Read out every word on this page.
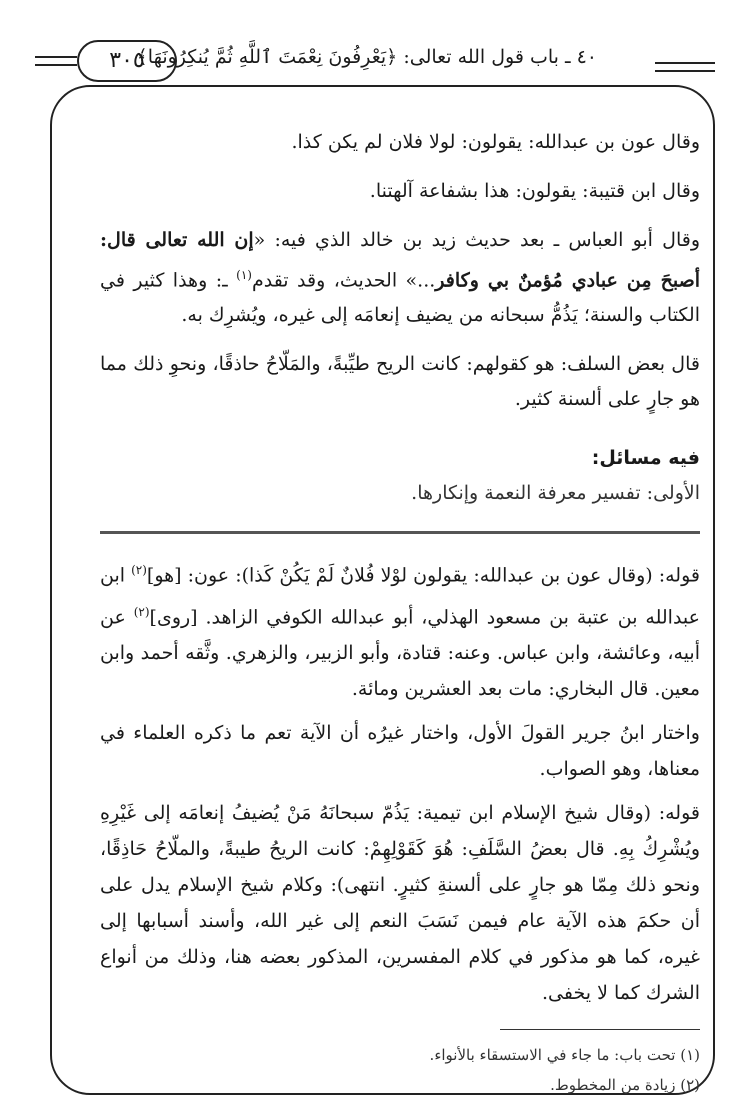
٣٠٥
٤٠ ـ باب قول الله تعالى: ﴿يَعْرِفُونَ نِعْمَتَ ٱللَّهِ ثُمَّ يُنكِرُونَهَا﴾

وقال عون بن عبدالله: يقولون: لولا فلان لم يكن كذا.

وقال ابن قتيبة: يقولون: هذا بشفاعة آلهتنا.

وقال أبو العباس ـ بعد حديث زيد بن خالد الذي فيه: «إن الله تعالى قال: أصبحَ مِن عبادي مُؤمنٌ بي وكافر...» الحديث، وقد تقدم$^{(١)}$ ـ: وهذا كثير في الكتاب والسنة؛ يَذُمُّ سبحانه من يضيف إنعامَه إلى غيره، ويُشرِك به.

قال بعض السلف: هو كقولهم: كانت الريح طيِّبةً، والمَلّاحُ حاذقًا، ونحوِ ذلك مما هو جارٍ على ألسنة كثير.

فيه مسائل:
الأولى: تفسير معرفة النعمة وإنكارها.

قوله: (وقال عون بن عبدالله: يقولون لوْلا فُلانٌ لَمْ يَكُنْ كَذا): عون: [هو]$^{(٢)}$ ابن عبدالله بن عتبة بن مسعود الهذلي، أبو عبدالله الكوفي الزاهد. [روى]$^{(٢)}$ عن أبيه، وعائشة، وابن عباس. وعنه: قتادة، وأبو الزبير، والزهري. وثَّقه أحمد وابن معين. قال البخاري: مات بعد العشرين ومائة.

واختار ابنُ جرير القولَ الأول، واختار غيرُه أن الآية تعم ما ذكره العلماء في معناها، وهو الصواب.

قوله: (وقال شيخ الإسلام ابن تيمية: يَذُمّ سبحانَهُ مَنْ يُضيفُ إنعامَه إلى غَيْرِهِ ويُشْرِكُ بِهِ. قال بعضُ السَّلَفِ: هُوَ كَقَوْلِهِمْ: كانت الريحُ طيبةً، والملّاحُ حَاذِقًا، ونحو ذلك مِمّا هو جارٍ على ألسنةِ كثيرٍ. انتهى): وكلام شيخ الإسلام يدل على أن حكمَ هذه الآية عام فيمن نَسَبَ النعم إلى غير الله، وأسند أسبابها إلى غيره، كما هو مذكور في كلام المفسرين، المذكور بعضه هنا، وذلك من أنواع الشرك كما لا يخفى.

(١) تحت باب: ما جاء في الاستسقاء بالأنواء.
(٢) زيادة من المخطوط.
